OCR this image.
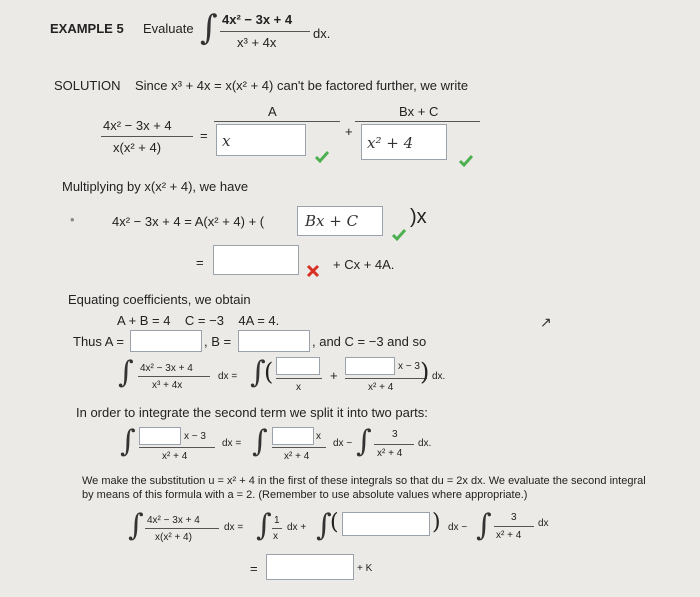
EXAMPLE 5 Evaluate ∫ 4x² − 3x + 4
x³ + 4x
dx.
SOLUTION Since x³ + 4x = x(x² + 4) can't be factored further, we write
4x² − 3x + 4
x(x² + 4)
=
A
x
+
Bx + C
x² + 4
Multiplying by x(x² + 4), we have
•	4x² − 3x + 4 = A(x² + 4) + (	Bx + C	)x
=	+ Cx + 4A.
Equating coefficients, we obtain
A + B = 4    C = −3    4A = 4.	↗
Thus A =	, B =	, and C = −3 and so
∫ 4x² − 3x + 4
x³ + 4x
dx = ∫
(
x
+
x − 3
x² + 4
) dx.
In order to integrate the second term we split it into two parts:
∫	x − 3
x² + 4
dx = ∫	x
x² + 4
dx − ∫ 3
x² + 4
dx.
We make the substitution u = x² + 4 in the first of these integrals so that du = 2x dx. We evaluate the second integral
by means of this formula with a = 2. (Remember to use absolute values where appropriate.)
∫ 4x² − 3x + 4
x(x² + 4)
dx = ∫ 1
x
dx + ∫
(	) dx − ∫ 3
x² + 4
dx
=	+ K
